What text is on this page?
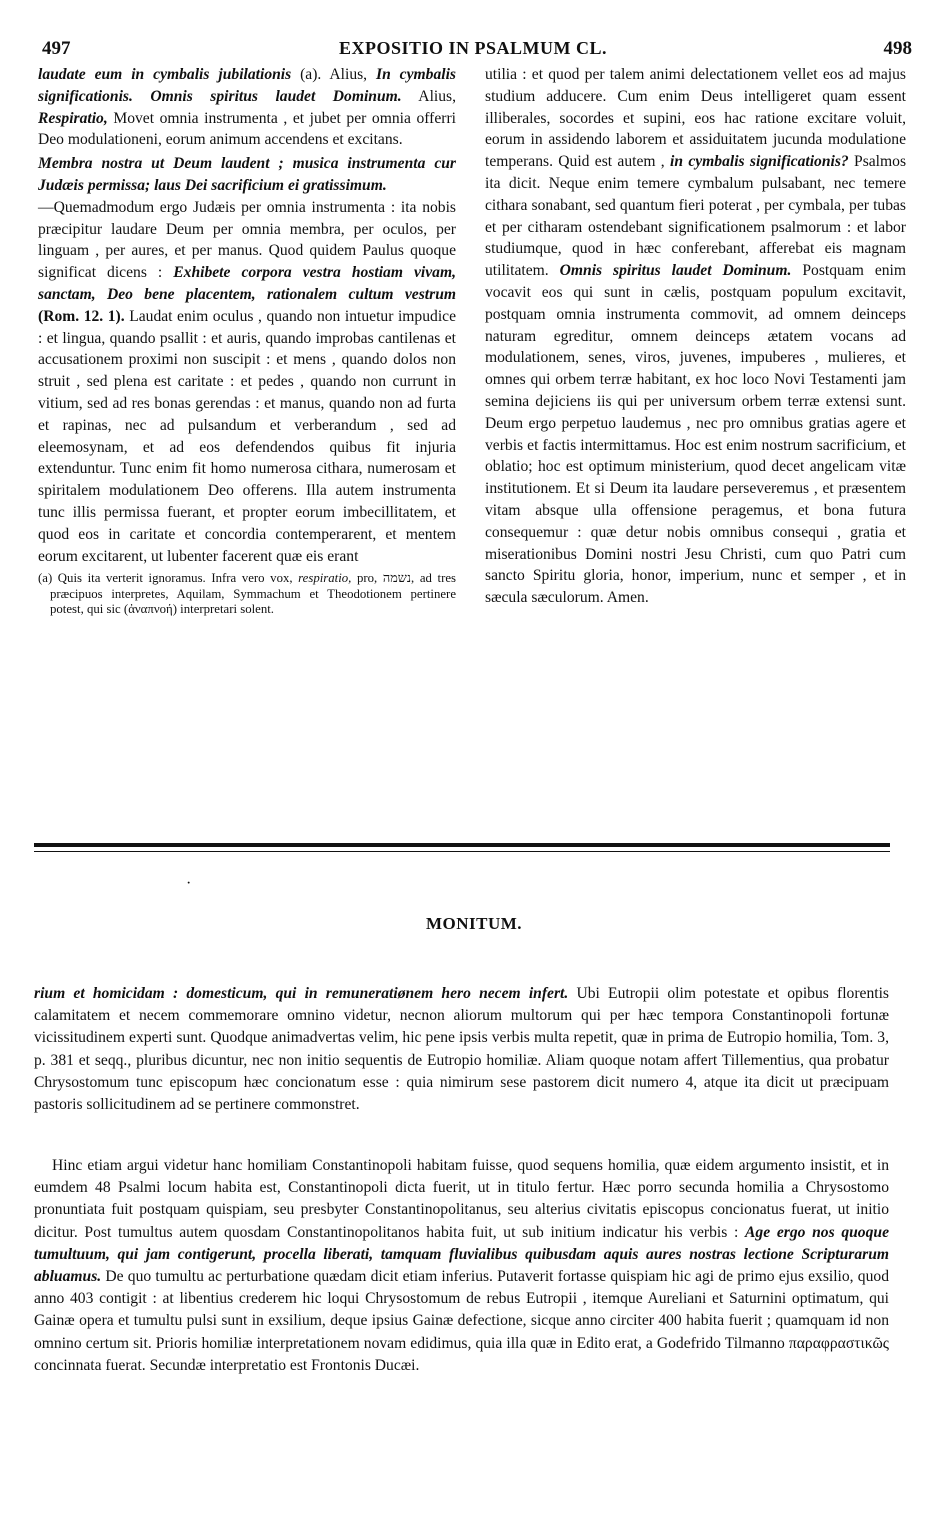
497	EXPOSITIO IN PSALMUM CL.	498

laudate eum in cymbalis jubilationis (a). Alius, In cymbalis significationis. Omnis spiritus laudet Dominum. Alius, Respiratio, Movet omnia instrumenta , et jubet per omnia offerri Deo modulationeni, eorum animum accendens et excitans.

Membra nostra ut Deum laudent ; musica instrumenta cur Judæis permissa; laus Dei sacrificium ei gratissimum.

—Quemadmodum ergo Judæis per omnia instrumenta : ita nobis præcipitur laudare Deum per omnia membra, per oculos, per linguam , per aures, et per manus. Quod quidem Paulus quoque significat dicens : Exhibete corpora vestra hostiam vivam, sanctam, Deo bene placentem, rationalem cultum vestrum (Rom. 12. 1). Laudat enim oculus , quando non intuetur impudice : et lingua, quando psallit : et auris, quando improbas cantilenas et accusationem proximi non suscipit : et mens , quando dolos non struit , sed plena est caritate : et pedes , quando non currunt in vitium, sed ad res bonas gerendas : et manus, quando non ad furta et rapinas, nec ad pulsandum et verberandum , sed ad eleemosynam, et ad eos defendendos quibus fit injuria extenduntur. Tunc enim fit homo numerosa cithara, numerosam et spiritalem modulationem Deo offerens. Illa autem instrumenta tunc illis permissa fuerant, et propter eorum imbecillitatem, et quod eos in caritate et concordia contemperarent, et mentem eorum excitarent, ut lubenter facerent quæ eis erant

(a) Quis ita verterit ignoramus. Infra vero vox, respiratio, pro, נשמה, ad tres præcipuos interpretes, Aquilam, Symmachum et Theodotionem pertinere potest, qui sic (ἀναπνοή) interpretari solent.

utilia : et quod per talem animi delectationem vellet eos ad majus studium adducere. Cum enim Deus intelligeret quam essent illiberales, socordes et supini, eos hac ratione excitare voluit, eorum in assidendo laborem et assiduitatem jucunda modulatione temperans. Quid est autem , in cymbalis significationis? Psalmos ita dicit. Neque enim temere cymbalum pulsabant, nec temere cithara sonabant, sed quantum fieri poterat , per cymbala, per tubas et per citharam ostendebant significationem psalmorum : et labor studiumque, quod in hæc conferebant, afferebat eis magnam utilitatem. Omnis spiritus laudet Dominum. Postquam enim vocavit eos qui sunt in cælis, postquam populum excitavit, postquam omnia instrumenta commovit, ad omnem deinceps naturam egreditur, omnem deinceps ætatem vocans ad modulationem, senes, viros, juvenes, impuberes , mulieres, et omnes qui orbem terræ habitant, ex hoc loco Novi Testamenti jam semina dejiciens iis qui per universum orbem terræ extensi sunt. Deum ergo perpetuo laudemus , nec pro omnibus gratias agere et verbis et factis intermittamus. Hoc est enim nostrum sacrificium, et oblatio; hoc est optimum ministerium, quod decet angelicam vitæ institutionem. Et si Deum ita laudare perseveremus , et præsentem vitam absque ulla offensione peragemus, et bona futura consequemur : quæ detur nobis omnibus consequi , gratia et miserationibus Domini nostri Jesu Christi, cum quo Patri cum sancto Spiritu gloria, honor, imperium, nunc et semper , et in sæcula sæculorum. Amen.

·
MONITUM.

rium et homicidam : domesticum, qui in remuneratiønem hero necem infert. Ubi Eutropii olim potestate et opibus florentis calamitatem et necem commemorare omnino videtur, necnon aliorum multorum qui per hæc tempora Constantinopoli fortunæ vicissitudinem experti sunt. Quodque animadvertas velim, hic pene ipsis verbis multa repetit, quæ in prima de Eutropio homilia, Tom. 3, p. 381 et seqq., pluribus dicuntur, nec non initio sequentis de Eutropio homiliæ. Aliam quoque notam affert Tillementius, qua probatur Chrysostomum tunc episcopum hæc concionatum esse : quia nimirum sese pastorem dicit numero 4, atque ita dicit ut præcipuam pastoris sollicitudinem ad se pertinere commonstret.

Hinc etiam argui videtur hanc homiliam Constantinopoli habitam fuisse, quod sequens homilia, quæ eidem argumento insistit, et in eumdem 48 Psalmi locum habita est, Constantinopoli dicta fuerit, ut in titulo fertur. Hæc porro secunda homilia a Chrysostomo pronuntiata fuit postquam quispiam, seu presbyter Constantinopolitanus, seu alterius civitatis episcopus concionatus fuerat, ut initio dicitur. Post tumultus autem quosdam Constantinopolitanos habita fuit, ut sub initium indicatur his verbis : Age ergo nos quoque tumultuum, qui jam contigerunt, procella liberati, tamquam fluvialibus quibusdam aquis aures nostras lectione Scripturarum abluamus. De quo tumultu ac perturbatione quædam dicit etiam inferius. Putaverit fortasse quispiam hic agi de primo ejus exsilio, quod anno 403 contigit : at libentius crederem hic loqui Chrysostomum de rebus Eutropii , itemque Aureliani et Saturnini optimatum, qui Gainæ opera et tumultu pulsi sunt in exsilium, deque ipsius Gainæ defectione, sicque anno circiter 400 habita fuerit ; quamquam id non omnino certum sit. Prioris homiliæ interpretationem novam edidimus, quia illa quæ in Edito erat, a Godefrido Tilmanno παραφραστικῶς concinnata fuerat. Secundæ interpretatio est Frontonis Ducæi.
